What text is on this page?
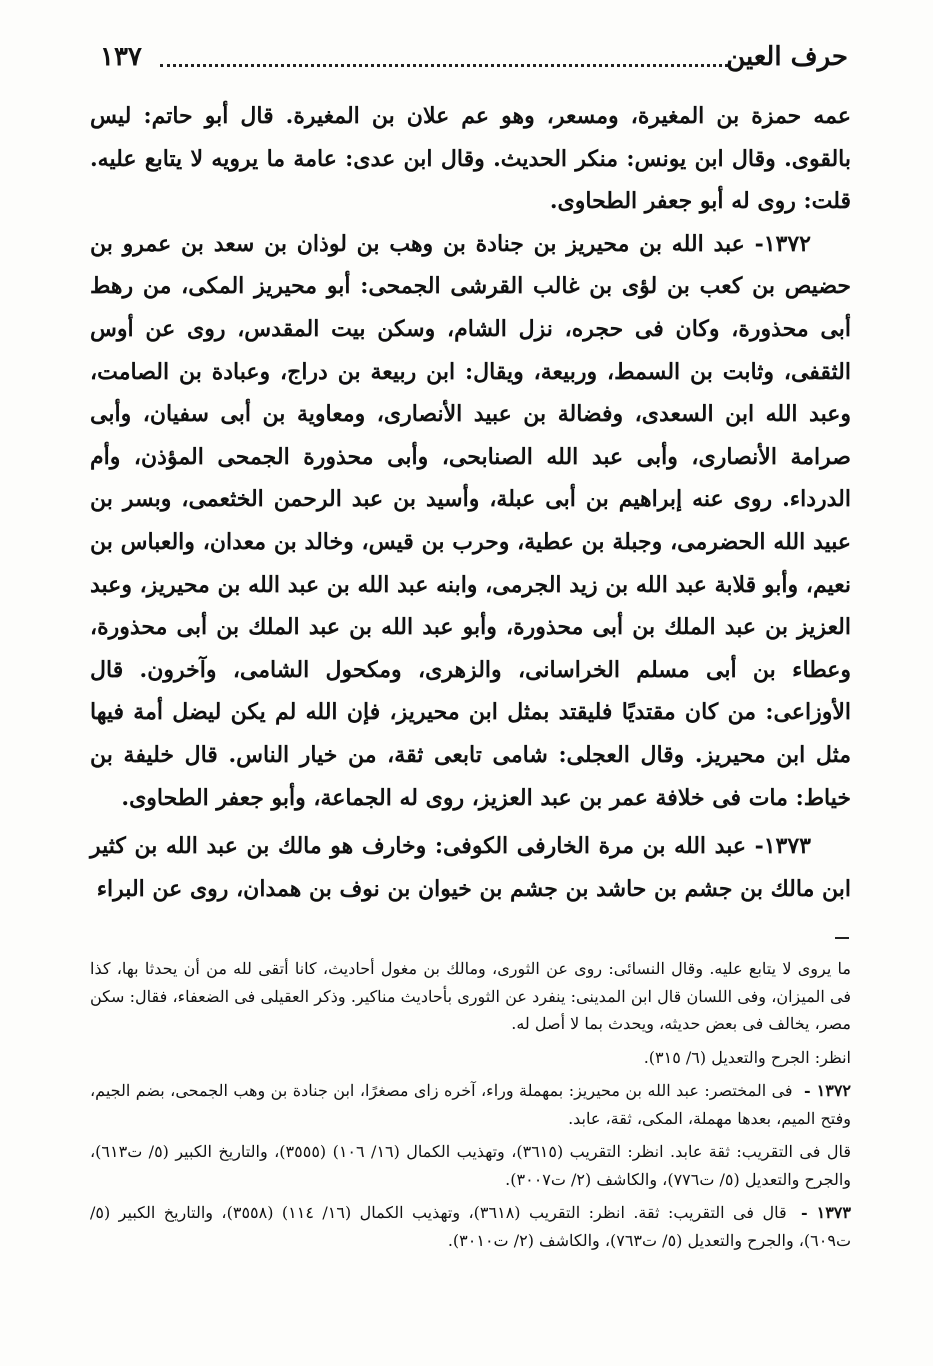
حرف العين
١٣٧

عمه حمزة بن المغيرة، ومسعر، وهو عم علان بن المغيرة. قال أبو حاتم: ليس بالقوى. وقال ابن يونس: منكر الحديث. وقال ابن عدى: عامة ما يرويه لا يتابع عليه. قلت: روى له أبو جعفر الطحاوى.

١٣٧٢- عبد الله بن محيريز بن جنادة بن وهب بن لوذان بن سعد بن عمرو بن حضيص بن كعب بن لؤى بن غالب القرشى الجمحى: أبو محيريز المكى، من رهط أبى محذورة، وكان فى حجره، نزل الشام، وسكن بيت المقدس، روى عن أوس الثقفى، وثابت بن السمط، وربيعة، ويقال: ابن ربيعة بن دراج، وعبادة بن الصامت، وعبد الله ابن السعدى، وفضالة بن عبيد الأنصارى، ومعاوية بن أبى سفيان، وأبى صرامة الأنصارى، وأبى عبد الله الصنابحى، وأبى محذورة الجمحى المؤذن، وأم الدرداء. روى عنه إبراهيم بن أبى عبلة، وأسيد بن عبد الرحمن الخثعمى، وبسر بن عبيد الله الحضرمى، وجبلة بن عطية، وحرب بن قيس، وخالد بن معدان، والعباس بن نعيم، وأبو قلابة عبد الله بن زيد الجرمى، وابنه عبد الله بن عبد الله بن محيريز، وعبد العزيز بن عبد الملك بن أبى محذورة، وأبو عبد الله بن عبد الملك بن أبى محذورة، وعطاء بن أبى مسلم الخراسانى، والزهرى، ومكحول الشامى، وآخرون. قال الأوزاعى: من كان مقتديًا فليقتد بمثل ابن محيريز، فإن الله لم يكن ليضل أمة فيها مثل ابن محيريز. وقال العجلى: شامى تابعى ثقة، من خيار الناس. قال خليفة بن خياط: مات فى خلافة عمر بن عبد العزيز، روى له الجماعة، وأبو جعفر الطحاوى.

١٣٧٣- عبد الله بن مرة الخارفى الكوفى: وخارف هو مالك بن عبد الله بن كثير ابن مالك بن جشم بن حاشد بن جشم بن خيوان بن نوف بن همدان، روى عن البراء

ما يروى لا يتابع عليه. وقال النسائى: روى عن الثورى، ومالك بن مغول أحاديث، كانا أتقى لله من أن يحدثا بها، كذا فى الميزان، وفى اللسان قال ابن المدينى: ينفرد عن الثورى بأحاديث مناكير. وذكر العقيلى فى الضعفاء، فقال: سكن مصر، يخالف فى بعض حديثه، ويحدث بما لا أصل له.

انظر: الجرح والتعديل (٦/ ٣١٥).

١٣٧٢ - فى المختصر: عبد الله بن محيريز: بمهملة وراء، آخره زاى مصغرًا، ابن جنادة بن وهب الجمحى، بضم الجيم، وفتح الميم، بعدها مهملة، المكى، ثقة، عابد.

قال فى التقريب: ثقة عابد. انظر: التقريب (٣٦١٥)، وتهذيب الكمال (١٦/ ١٠٦) (٣٥٥٥)، والتاريخ الكبير (٥/ ت٦١٣)، والجرح والتعديل (٥/ ت٧٧٦)، والكاشف (٢/ ت٣٠٠٧).

١٣٧٣ - قال فى التقريب: ثقة. انظر: التقريب (٣٦١٨)، وتهذيب الكمال (١٦/ ١١٤) (٣٥٥٨)، والتاريخ الكبير (٥/ ت٦٠٩)، والجرح والتعديل (٥/ ت٧٦٣)، والكاشف (٢/ ت٣٠١٠).
